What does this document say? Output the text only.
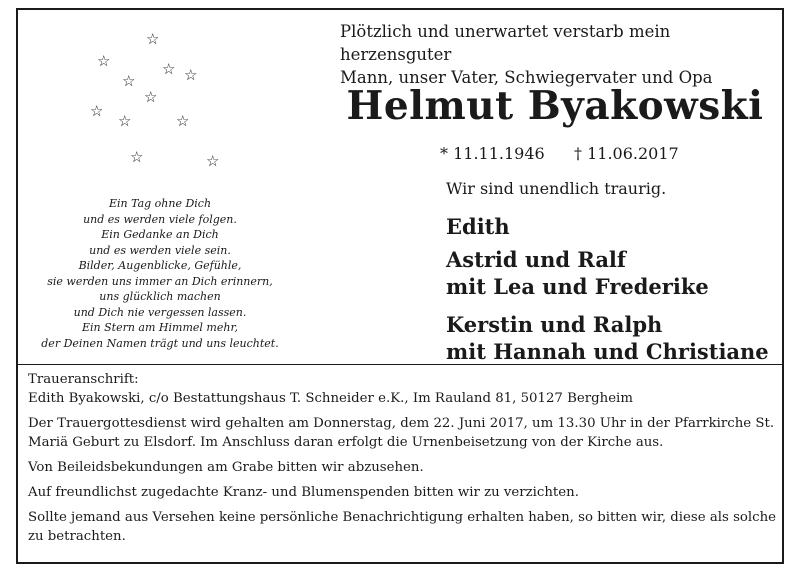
☆
☆	☆ ☆
☆
☆
☆
☆	☆
☆	☆
Ein Tag ohne Dich
und es werden viele folgen.
Ein Gedanke an Dich
und es werden viele sein.
Bilder, Augenblicke, Gefühle,
sie werden uns immer an Dich erinnern,
uns glücklich machen
und Dich nie vergessen lassen.
Ein Stern am Himmel mehr,
der Deinen Namen trägt und uns leuchtet.
Plötzlich und unerwartet verstarb mein herzensguter
Mann, unser Vater, Schwiegervater und Opa
Helmut Byakowski
* 11.11.1946 † 11.06.2017
Wir sind unendlich traurig.
Edith
Astrid und Ralf
mit Lea und Frederike
Kerstin und Ralph
mit Hannah und Christiane
Traueranschrift:
Edith Byakowski, c/o Bestattungshaus T. Schneider e.K., Im Rauland 81, 50127 Bergheim

Der Trauergottesdienst wird gehalten am Donnerstag, dem 22. Juni 2017, um 13.30 Uhr in der Pfarrkirche St. Mariä Geburt zu Elsdorf. Im Anschluss daran erfolgt die Urnenbeisetzung von der Kirche aus.

Von Beileidsbekundungen am Grabe bitten wir abzusehen.

Auf freundlichst zugedachte Kranz- und Blumenspenden bitten wir zu verzichten.

Sollte jemand aus Versehen keine persönliche Benachrichtigung erhalten haben, so bitten wir, diese als solche zu betrachten.
